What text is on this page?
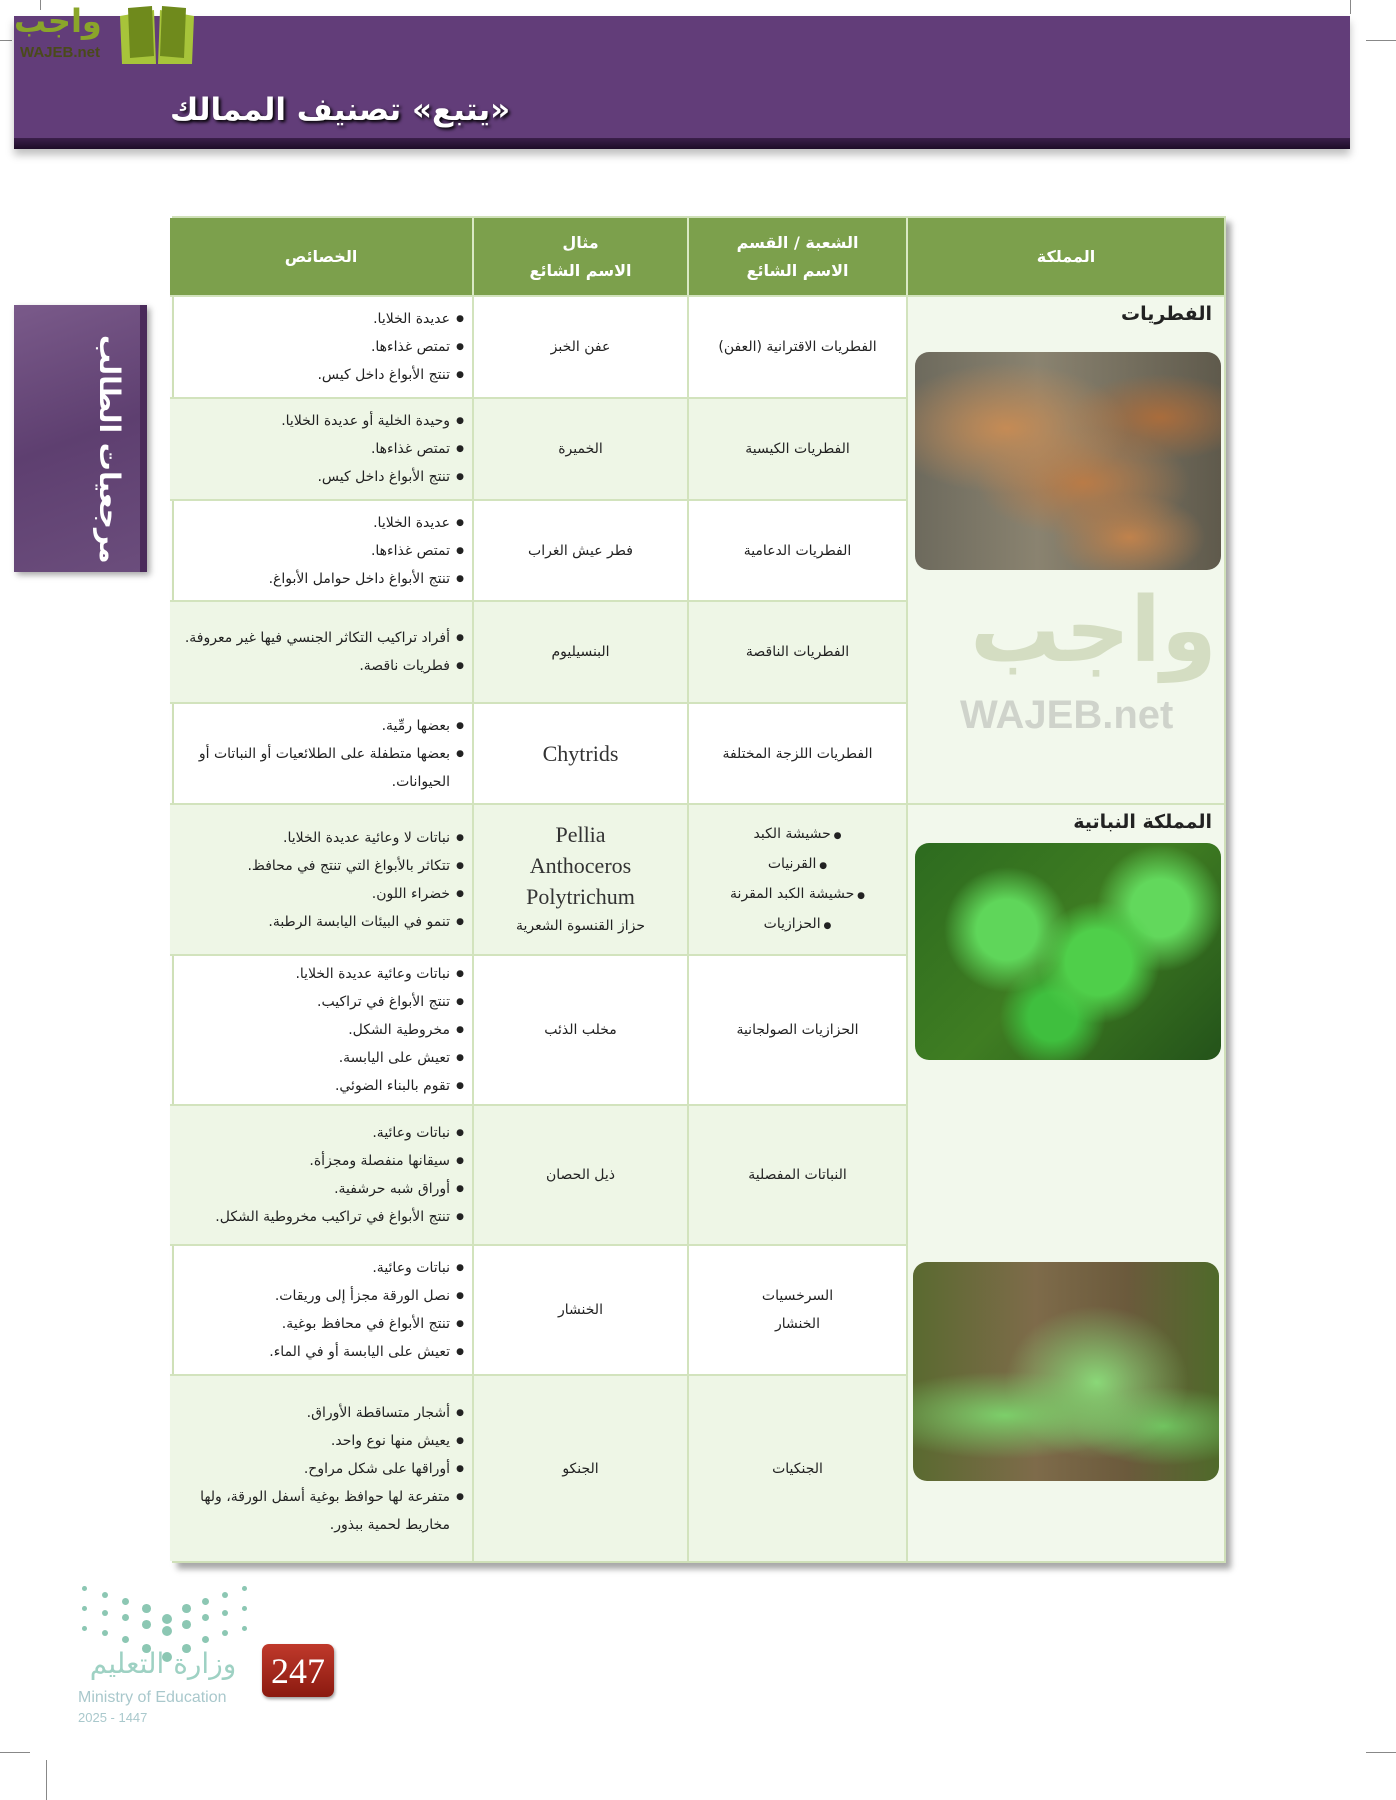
«يتبع» تصنيف الممالك
واجب
WAJEB.net
مرجعيات الطالب
المملكة
الشعبة / القسم
الاسم الشائع
مثال
الاسم الشائع
الخصائص
الفطريات
المملكة النباتية
الفطريات الاقترانية (العفن)
عفن الخبز
● عديدة الخلايا.
● تمتص غذاءها.
● تنتج الأبواغ داخل كيس.
الفطريات الكيسية
الخميرة
● وحيدة الخلية أو عديدة الخلايا.
● تمتص غذاءها.
● تنتج الأبواغ داخل كيس.
الفطريات الدعامية
فطر عيش الغراب
● عديدة الخلايا.
● تمتص غذاءها.
● تنتج الأبواغ داخل حوامل الأبواغ.
الفطريات الناقصة
البنسيليوم
● أفراد تراكيب التكاثر الجنسي فيها غير معروفة.
● فطريات ناقصة.
الفطريات اللزجة المختلفة
Chytrids
● بعضها رمِّية.
● بعضها متطفلة على الطلائعيات أو النباتات أو الحيوانات.
● حشيشة الكبد
● القرنيات
● حشيشة الكبد المقرنة
● الحزازيات
Pellia
Anthoceros
Polytrichum
حزاز القنسوة الشعرية
● نباتات لا وعائية عديدة الخلايا.
● تتكاثر بالأبواغ التي تنتج في محافظ.
● خضراء اللون.
● تنمو في البيئات اليابسة الرطبة.
الحزازيات الصولجانية
مخلب الذئب
● نباتات وعائية عديدة الخلايا.
● تنتج الأبواغ في تراكيب.
● مخروطية الشكل.
● تعيش على اليابسة.
● تقوم بالبناء الضوئي.
النباتات المفصلية
ذيل الحصان
● نباتات وعائية.
● سيقانها منفصلة ومجزأة.
● أوراق شبه حرشفية.
● تنتج الأبواغ في تراكيب مخروطية الشكل.
السرخسيات
الخنشار
الخنشار
● نباتات وعائية.
● نصل الورقة مجزأ إلى وريقات.
● تنتج الأبواغ في محافظ بوغية.
● تعيش على اليابسة أو في الماء.
الجنكيات
الجنكو
● أشجار متساقطة الأوراق.
● يعيش منها نوع واحد.
● أوراقها على شكل مراوح.
● متفرعة لها حوافظ بوغية أسفل الورقة، ولها مخاريط لحمية ببذور.
واجب
WAJEB.net
وزارة التعليم
Ministry of Education
2025 - 1447
247
